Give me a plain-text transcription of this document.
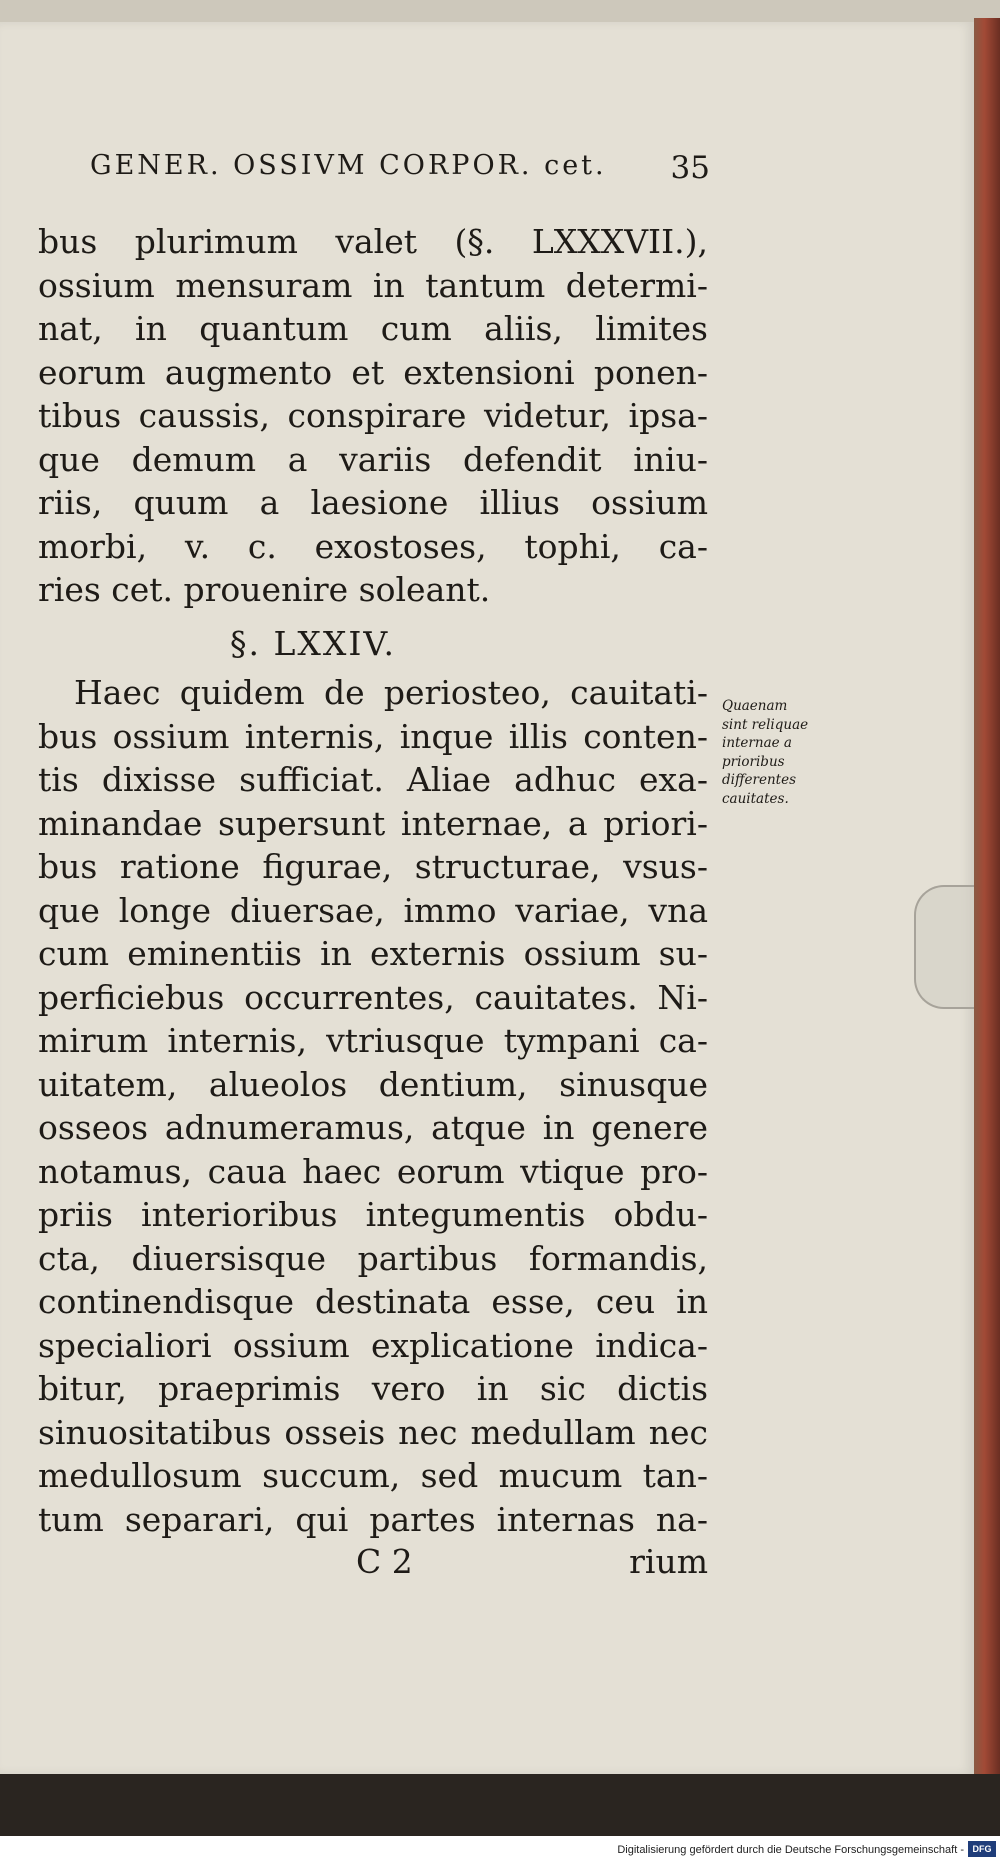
GENER. OSSIVM CORPOR. cet. 35
bus plurimum valet (§. LXXXVII.),
ossium mensuram in tantum determi-
nat, in quantum cum aliis, limites
eorum augmento et extensioni ponen-
tibus caussis, conspirare videtur, ipsa-
que demum a variis defendit iniu-
riis, quum a laesione illius ossium
morbi, v. c. exostoses, tophi, ca-
ries cet. prouenire soleant.
§. LXXIV.
Haec quidem de periosteo, cauitati-
bus ossium internis, inque illis conten-
tis dixisse sufficiat. Aliae adhuc exa-
minandae supersunt internae, a priori-
bus ratione figurae, structurae, vsus-
que longe diuersae, immo variae, vna
cum eminentiis in externis ossium su-
perficiebus occurrentes, cauitates. Ni-
mirum internis, vtriusque tympani ca-
uitatem, alueolos dentium, sinusque
osseos adnumeramus, atque in genere
notamus, caua haec eorum vtique pro-
priis interioribus integumentis obdu-
cta, diuersisque partibus formandis,
continendisque destinata esse, ceu in
specialiori ossium explicatione indica-
bitur, praeprimis vero in sic dictis
sinuositatibus osseis nec medullam nec
medullosum succum, sed mucum tan-
tum separari, qui partes internas na-
Quaenam
sint reliquae
internae a
prioribus
differentes
cauitates.
C 2	rium
Digitalisierung gefördert durch die Deutsche Forschungsgemeinschaft - DFG
